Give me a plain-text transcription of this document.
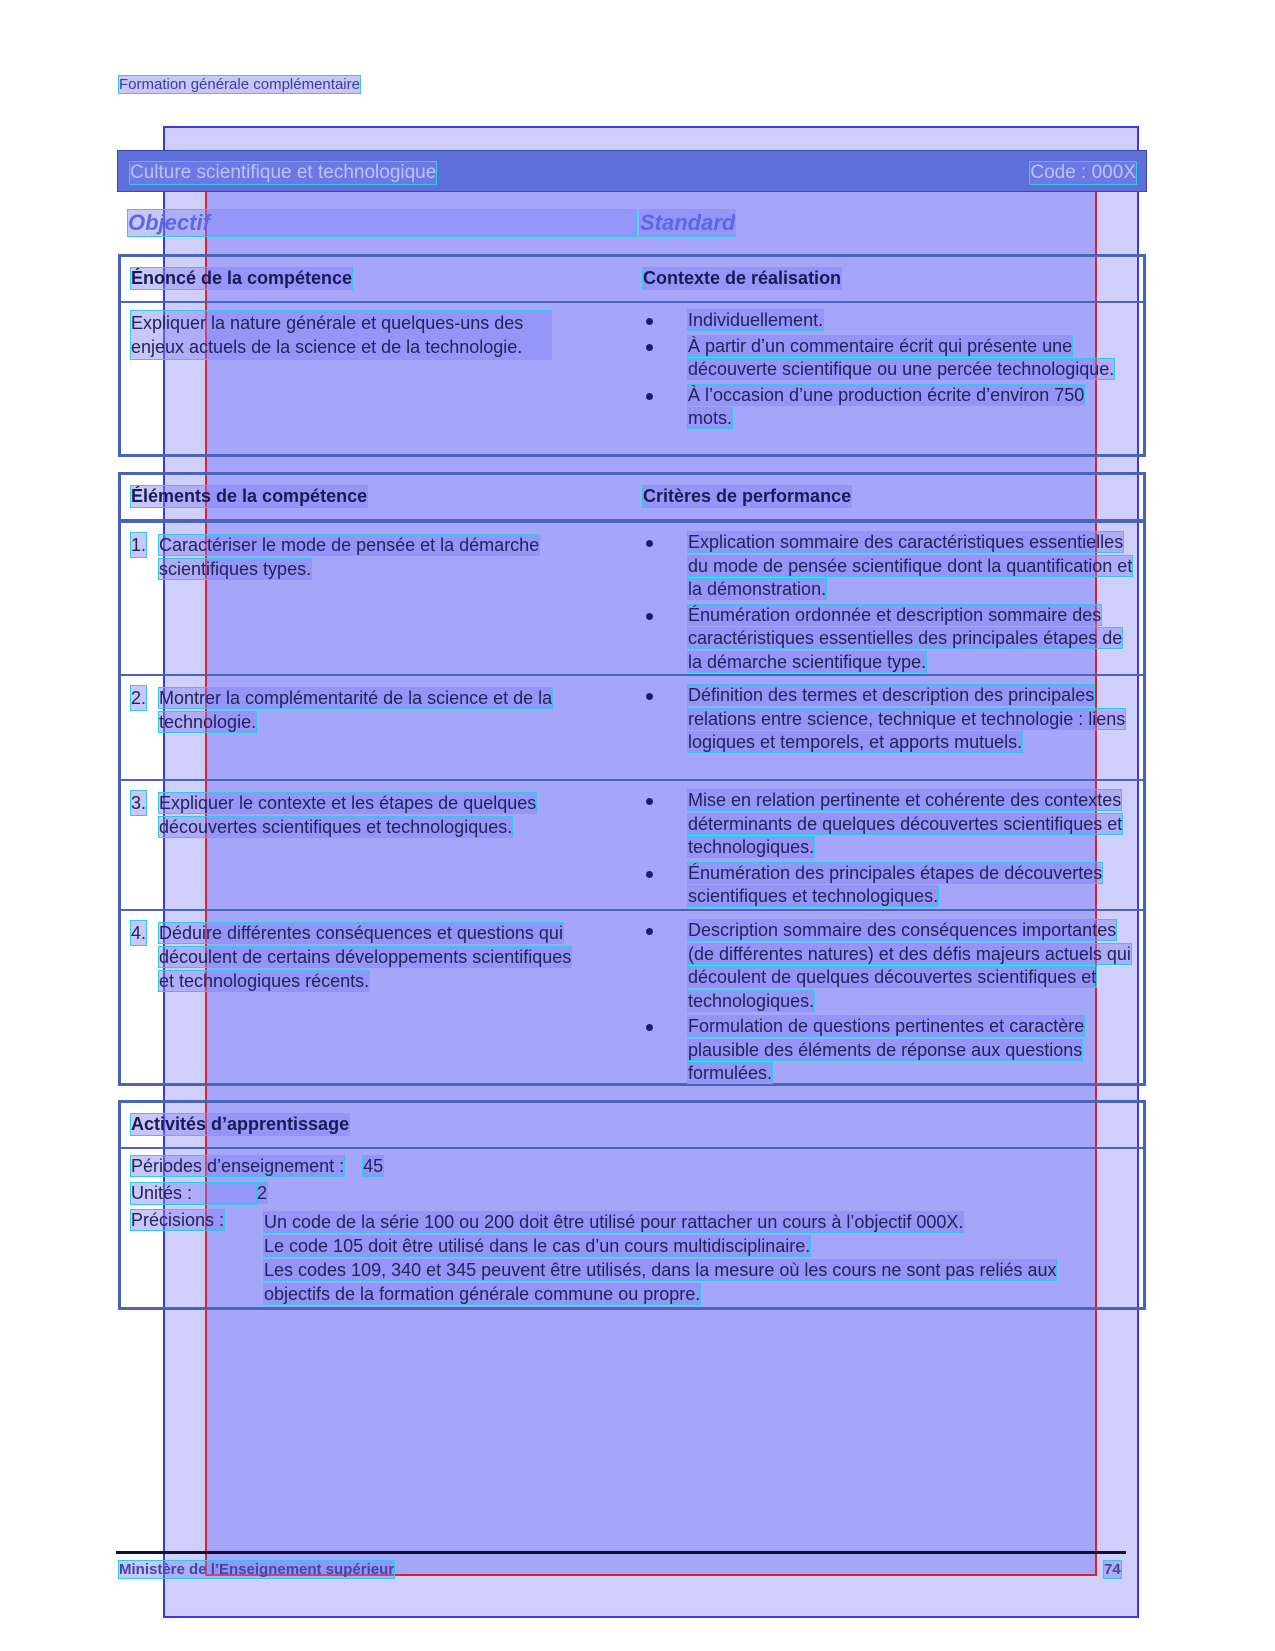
Formation générale complémentaire
Culture scientifique et technologique	Code : 000X
Objectif	Standard
Énoncé de la compétence	Contexte de réalisation
Expliquer la nature générale et quelques-uns des enjeux actuels de la science et de la technologie.
Individuellement.
À partir d’un commentaire écrit qui présente une découverte scientifique ou une percée technologique.
À l’occasion d’une production écrite d’environ 750 mots.
Éléments de la compétence	Critères de performance
1. Caractériser le mode de pensée et la démarche scientifiques types.
Explication sommaire des caractéristiques essentielles du mode de pensée scientifique dont la quantification et la démonstration.
Énumération ordonnée et description sommaire des caractéristiques essentielles des principales étapes de la démarche scientifique type.
2. Montrer la complémentarité de la science et de la technologie.
Définition des termes et description des principales relations entre science, technique et technologie : liens logiques et temporels, et apports mutuels.
3. Expliquer le contexte et les étapes de quelques découvertes scientifiques et technologiques.
Mise en relation pertinente et cohérente des contextes déterminants de quelques découvertes scientifiques et technologiques.
Énumération des principales étapes de découvertes scientifiques et technologiques.
4. Déduire différentes conséquences et questions qui découlent de certains développements scientifiques et technologiques récents.
Description sommaire des conséquences importantes (de différentes natures) et des défis majeurs actuels qui découlent de quelques découvertes scientifiques et technologiques.
Formulation de questions pertinentes et caractère plausible des éléments de réponse aux questions formulées.
Activités d’apprentissage
Périodes d’enseignement : 45
Unités :	2
Précisions : Un code de la série 100 ou 200 doit être utilisé pour rattacher un cours à l’objectif 000X.
Le code 105 doit être utilisé dans le cas d’un cours multidisciplinaire.
Les codes 109, 340 et 345 peuvent être utilisés, dans la mesure où les cours ne sont pas reliés aux objectifs de la formation générale commune ou propre.
Ministère de l’Enseignement supérieur	74
